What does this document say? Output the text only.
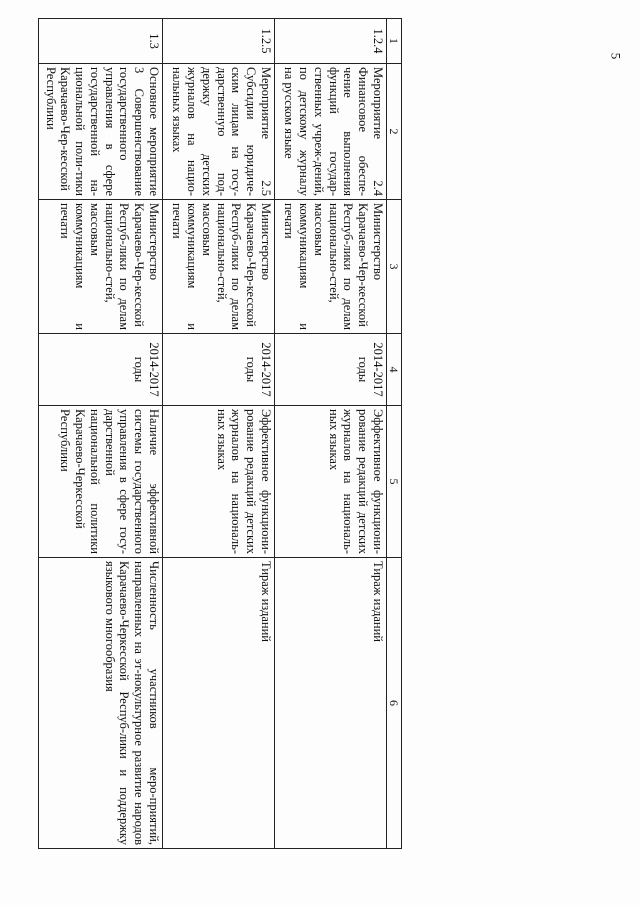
5
1	2	3	4	5	6
1.2.4	Мероприятие 2.4 Финансовое обеспе-чение выполнения функций государ-ственных учреж-дений, по детскому журналу на русском языке	Министерство Карачаево-Чер-кесской Респуб-лики по делам национально-стей, массовым коммуникациям и печати	2014-2017 годы	Эффективное функциони-рование редакций детских журналов на националь-ных языках	Тираж изданий
1.2.5	Мероприятие 2.5 Субсидии юридиче-ским лицам на госу-дарственную под-держку детских журналов на нацио-нальных языках	Министерство Карачаево-Чер-кесской Респуб-лики по делам национально-стей, массовым коммуникациям и печати	2014-2017 годы	Эффективное функциони-рование редакций детских журналов на националь-ных языках	Тираж изданий
1.3	Основное мероприятие 3 Совершенствование государственного управления в сфере государственной на-циональной поли-тики Карачаево-Чер-кесской Республики	Министерство Карачаево-Чер-кесской Респуб-лики по делам национально-стей, массовым коммуникациям и печати	2014-2017 годы	Наличие эффективной системы государственного управления в сфере госу-дарственной национальной политики Карачаево-Черкесской Республики	Численность участников меро-приятий, направленных на эт-нокультурное развитие народов Карачаево-Черкесской Респуб-лики и поддержку языкового многообразия
